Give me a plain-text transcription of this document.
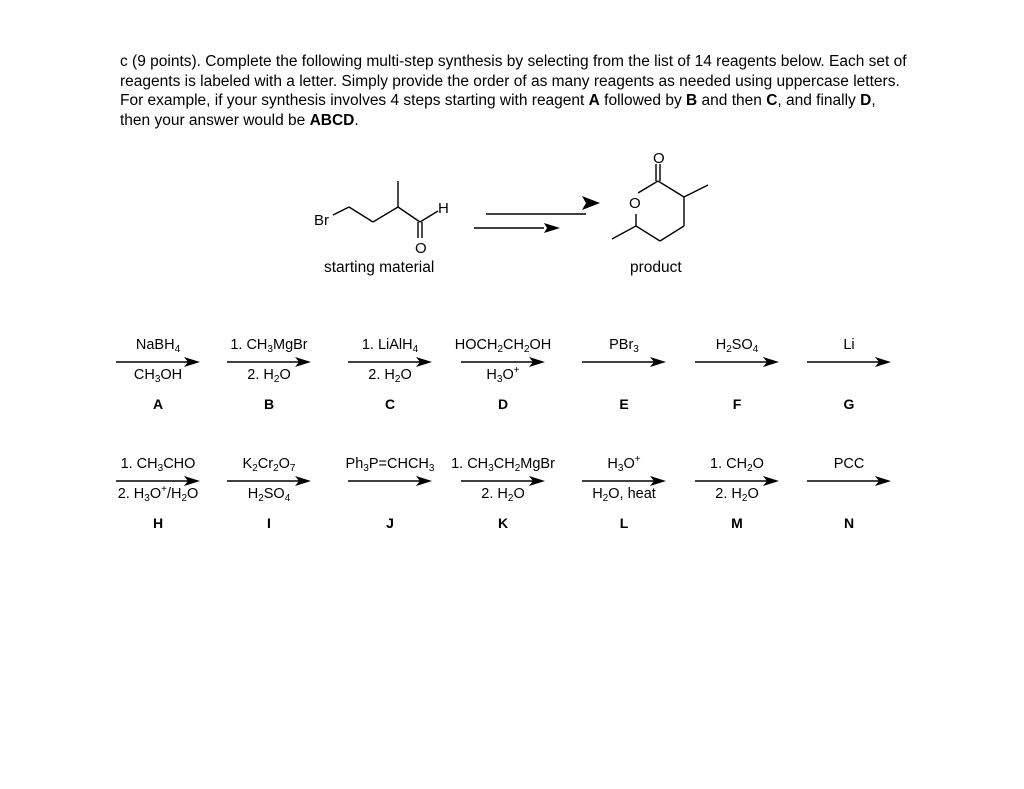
c (9 points). Complete the following multi-step synthesis by selecting from the list of 14 reagents below. Each set of reagents is labeled with a letter. Simply provide the order of as many reagents as needed using uppercase letters. For example, if your synthesis involves 4 steps starting with reagent A followed by B and then C, and finally D, then your answer would be ABCD.
Br
H
O
O
O
starting material	product
NaBH$_4$
$CH_3OH$
A
1. $CH_3MgBr$
2. $H_2O$
B
1. LiAlH$_4$
2. $H_2O$
C
$HOCH_2CH_2OH$
$H_3O^+$
D
PBr$_3$
E
$H_2SO_4$
F
Li
G
1. $CH_3CHO$
2. $H_3O^+/H_2O$
H
$K_2Cr_2O_7$
$H_2SO_4$
I
$Ph_3P=CHCH_3$
J
1. $CH_3CH_2MgBr$
2. $H_2O$
K
$H_3O^+$
$H_2O$, heat
L
1. $CH_2O$
2. $H_2O$
M
PCC
N
